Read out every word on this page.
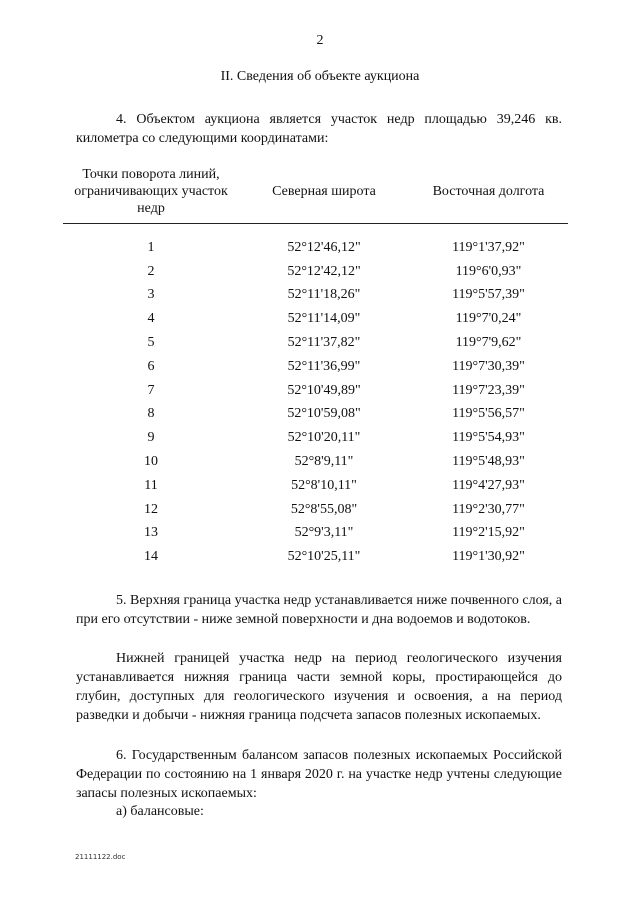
2
II. Сведения об объекте аукциона
4. Объектом аукциона является участок недр площадью 39,246 кв. километра со следующими координатами:
Точки поворота линий, ограничивающих участок недр	Северная широта	Восточная долгота

1	52°12'46,12"	119°1'37,92"
2	52°12'42,12"	119°6'0,93"
3	52°11'18,26"	119°5'57,39"
4	52°11'14,09"	119°7'0,24"
5	52°11'37,82"	119°7'9,62"
6	52°11'36,99"	119°7'30,39"
7	52°10'49,89"	119°7'23,39"
8	52°10'59,08"	119°5'56,57"
9	52°10'20,11"	119°5'54,93"
10	52°8'9,11"	119°5'48,93"
11	52°8'10,11"	119°4'27,93"
12	52°8'55,08"	119°2'30,77"
13	52°9'3,11"	119°2'15,92"
14	52°10'25,11"	119°1'30,92"
5. Верхняя граница участка недр устанавливается ниже почвенного слоя, а при его отсутствии - ниже земной поверхности и дна водоемов и водотоков.
Нижней границей участка недр на период геологического изучения устанавливается нижняя граница части земной коры, простирающейся до глубин, доступных для геологического изучения и освоения, а на период разведки и добычи - нижняя граница подсчета запасов полезных ископаемых.
6. Государственным балансом запасов полезных ископаемых Российской Федерации по состоянию на 1 января 2020 г. на участке недр учтены следующие запасы полезных ископаемых:
а) балансовые:
21111122.doc
